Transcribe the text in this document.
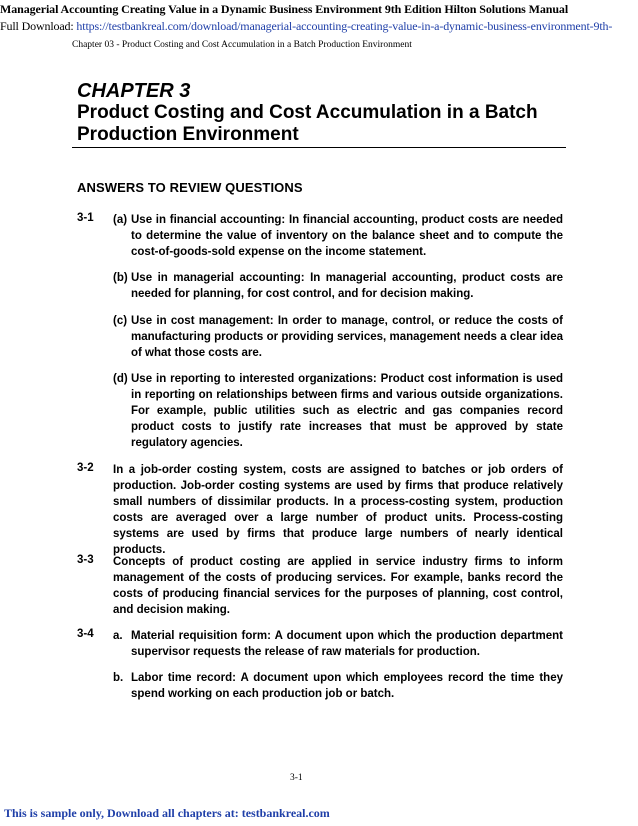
Managerial Accounting Creating Value in a Dynamic Business Environment 9th Edition Hilton Solutions Manual
Full Download: https://testbankreal.com/download/managerial-accounting-creating-value-in-a-dynamic-business-environment-9th-
Chapter 03 - Product Costing and Cost Accumulation in a Batch Production Environment
CHAPTER 3
Product Costing and Cost Accumulation in a Batch Production Environment
ANSWERS TO REVIEW QUESTIONS
3-1 (a) Use in financial accounting: In financial accounting, product costs are needed to determine the value of inventory on the balance sheet and to compute the cost-of-goods-sold expense on the income statement.
(b) Use in managerial accounting: In managerial accounting, product costs are needed for planning, for cost control, and for decision making.
(c) Use in cost management: In order to manage, control, or reduce the costs of manufacturing products or providing services, management needs a clear idea of what those costs are.
(d) Use in reporting to interested organizations: Product cost information is used in reporting on relationships between firms and various outside organizations. For example, public utilities such as electric and gas companies record product costs to justify rate increases that must be approved by state regulatory agencies.
3-2 In a job-order costing system, costs are assigned to batches or job orders of production. Job-order costing systems are used by firms that produce relatively small numbers of dissimilar products. In a process-costing system, production costs are averaged over a large number of product units. Process-costing systems are used by firms that produce large numbers of nearly identical products.
3-3 Concepts of product costing are applied in service industry firms to inform management of the costs of producing services. For example, banks record the costs of producing financial services for the purposes of planning, cost control, and decision making.
3-4 a. Material requisition form: A document upon which the production department supervisor requests the release of raw materials for production.
b. Labor time record: A document upon which employees record the time they spend working on each production job or batch.
3-1
This is sample only, Download all chapters at: testbankreal.com
